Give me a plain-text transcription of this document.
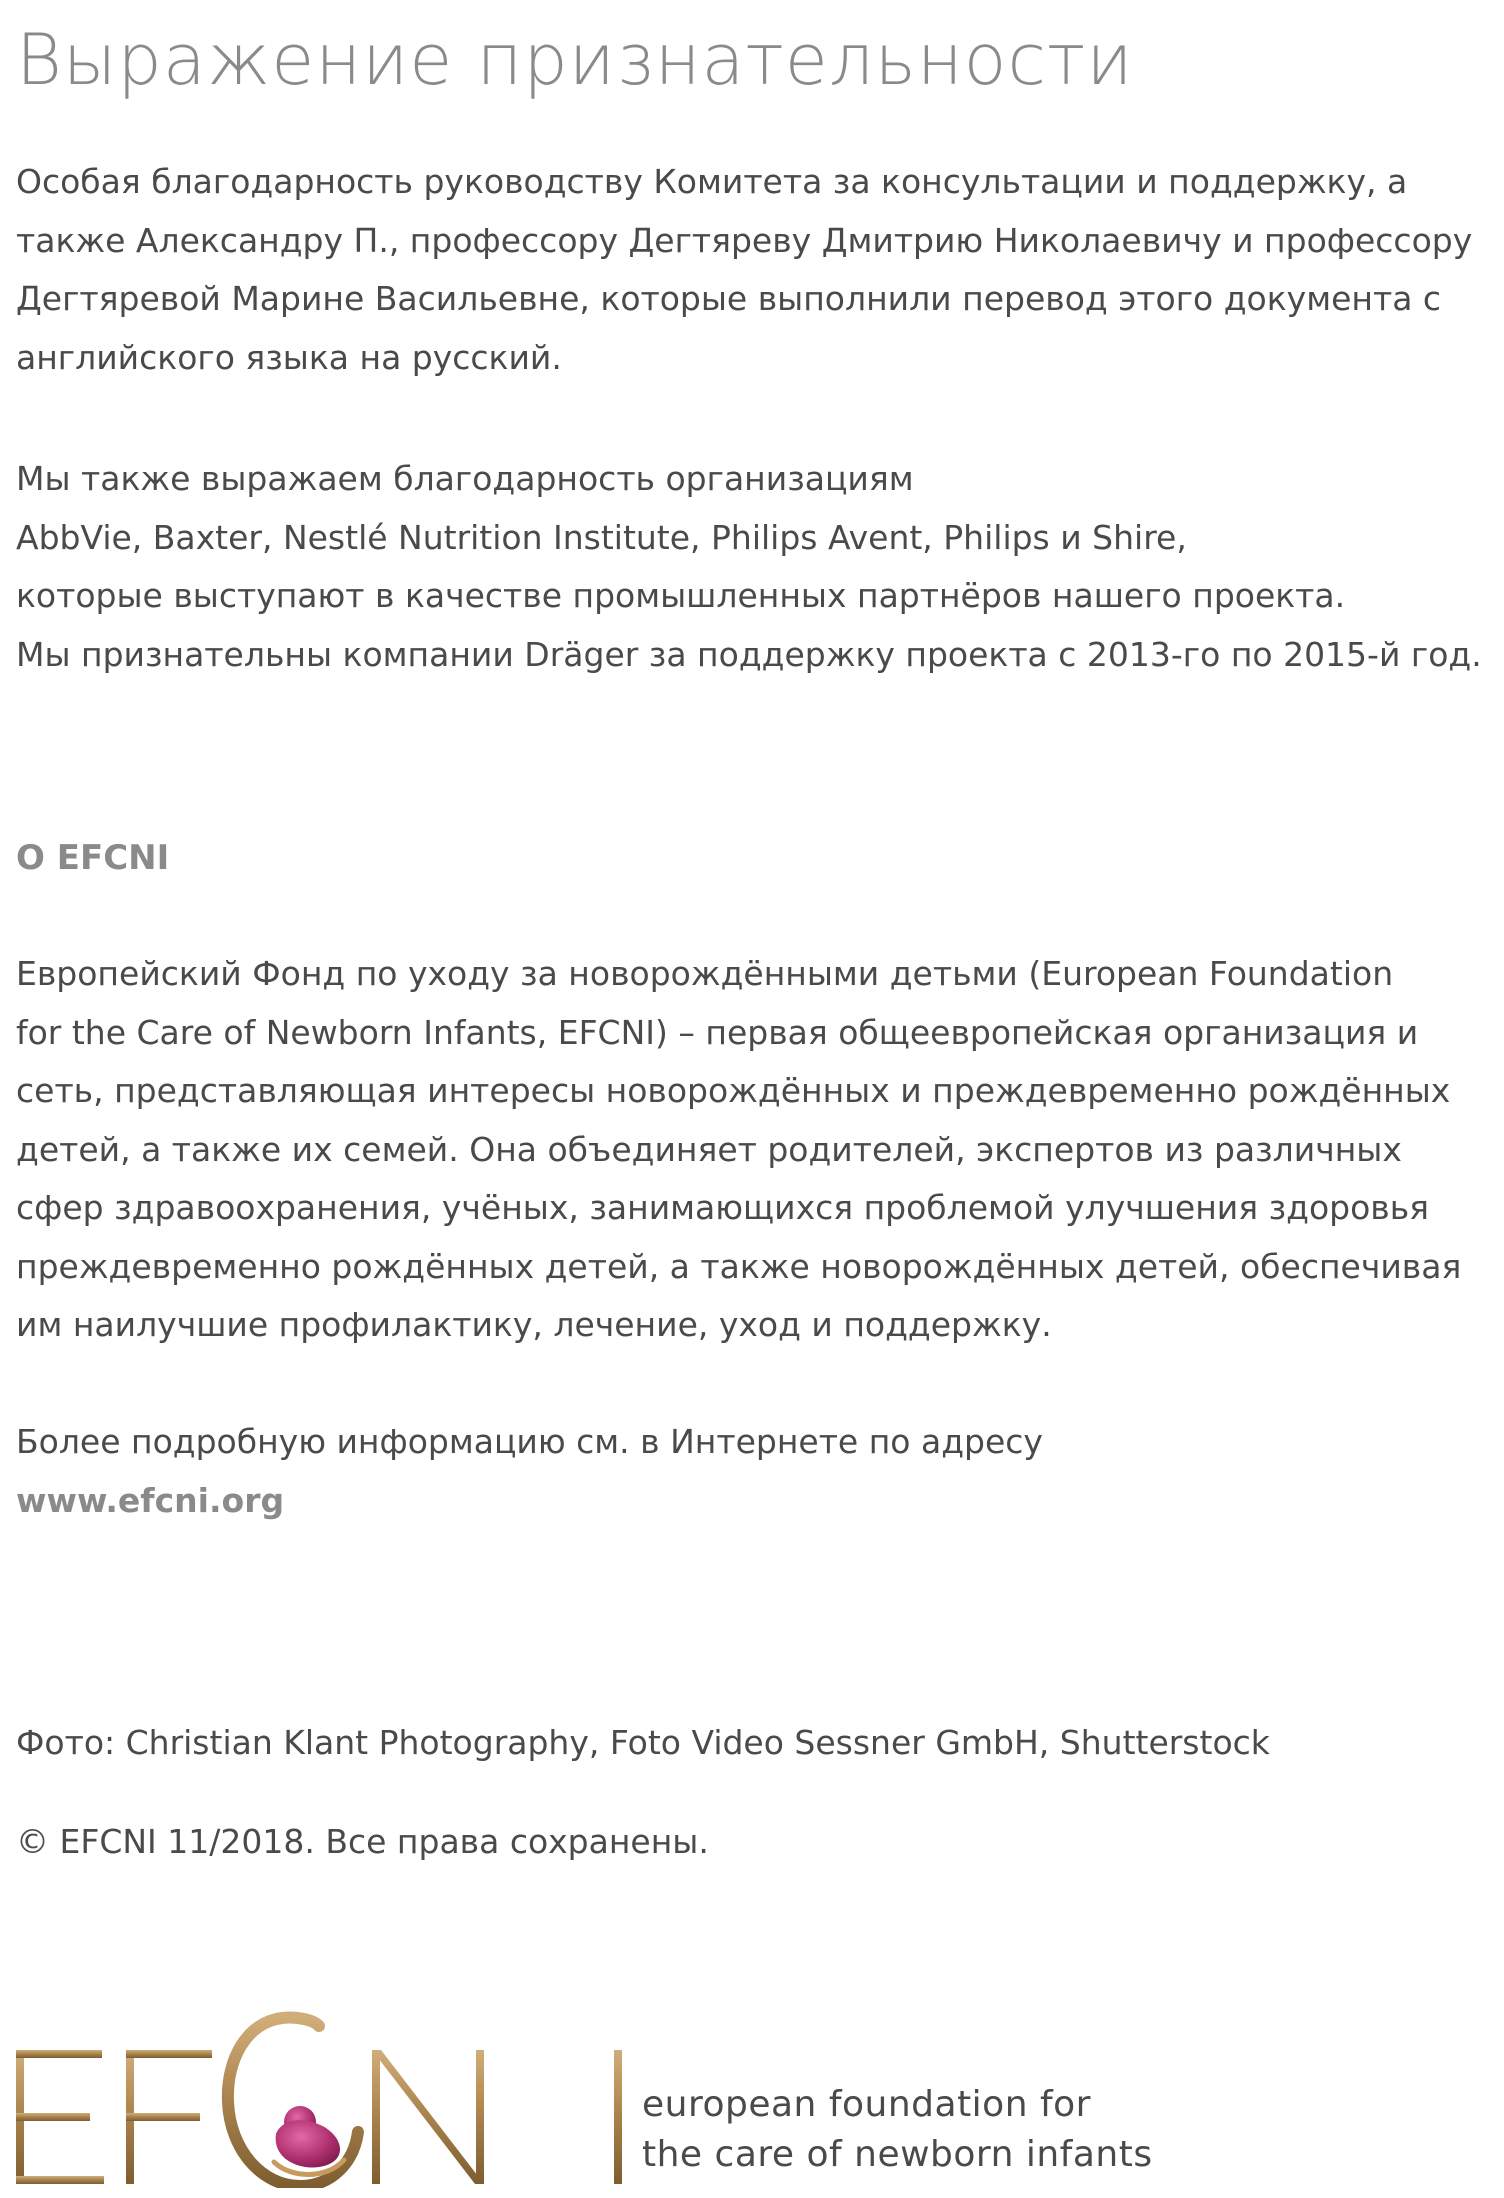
Выражение признательности
Особая благодарность руководству Комитета за консультации и поддержку, а
также Александру П., профессору Дегтяреву Дмитрию Николаевичу и профессору
Дегтяревой Марине Васильевне, которые выполнили перевод этого документа с
английского языка на русский.
Мы также выражаем благодарность организациям
AbbVie, Baxter, Nestlé Nutrition Institute, Philips Avent, Philips и Shire,
которые выступают в качестве промышленных партнёров нашего проекта.
Мы признательны компании Dräger за поддержку проекта с 2013-го по 2015-й год.
О EFCNI
Европейский Фонд по уходу за новорождёнными детьми (European Foundation
for the Care of Newborn Infants, EFCNI) – первая общеевропейская организация и
сеть, представляющая интересы новорождённых и преждевременно рождённых
детей, а также их семей. Она объединяет родителей, экспертов из различных
сфер здравоохранения, учёных, занимающихся проблемой улучшения здоровья
преждевременно рождённых детей, а также новорождённых детей, обеспечивая
им наилучшие профилактику, лечение, уход и поддержку.
Более подробную информацию см. в Интернете по адресу
www.efcni.org
Фото: Christian Klant Photography, Foto Video Sessner GmbH, Shutterstock
© EFCNI 11/2018. Все права сохранены.
european foundation for
the care of newborn infants
